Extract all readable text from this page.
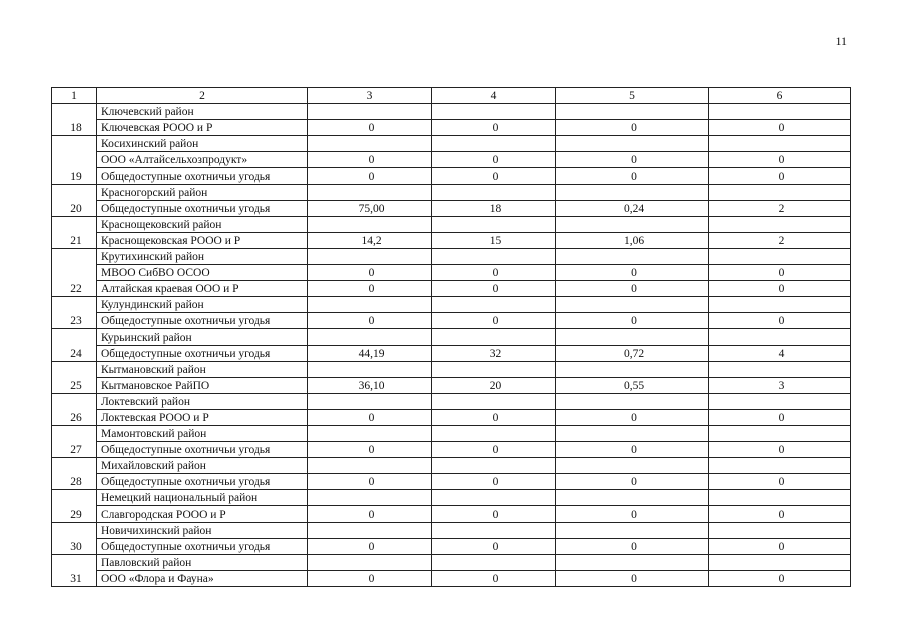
11
1	2	3	4	5	6
18	Ключевский район				
	Ключевская РООО и Р	0	0	0	0
19	Косихинский район				
	ООО «Алтайсельхозпродукт»	0	0	0	0
	Общедоступные охотничьи угодья	0	0	0	0
20	Красногорский район				
	Общедоступные охотничьи угодья	75,00	18	0,24	2
21	Краснощековский район				
	Краснощековская РООО и Р	14,2	15	1,06	2
22	Крутихинский район				
	МВОО СибВО ОСОО	0	0	0	0
	Алтайская краевая ООО и Р	0	0	0	0
23	Кулундинский район				
	Общедоступные охотничьи угодья	0	0	0	0
24	Курьинский район				
	Общедоступные охотничьи угодья	44,19	32	0,72	4
25	Кытмановский район				
	Кытмановское РайПО	36,10	20	0,55	3
26	Локтевский район				
	Локтевская РООО и Р	0	0	0	0
27	Мамонтовский район				
	Общедоступные охотничьи угодья	0	0	0	0
28	Михайловский район				
	Общедоступные охотничьи угодья	0	0	0	0
29	Немецкий национальный район				
	Славгородская РООО и Р	0	0	0	0
30	Новичихинский район				
	Общедоступные охотничьи угодья	0	0	0	0
31	Павловский район				
	ООО «Флора и Фауна»	0	0	0	0
